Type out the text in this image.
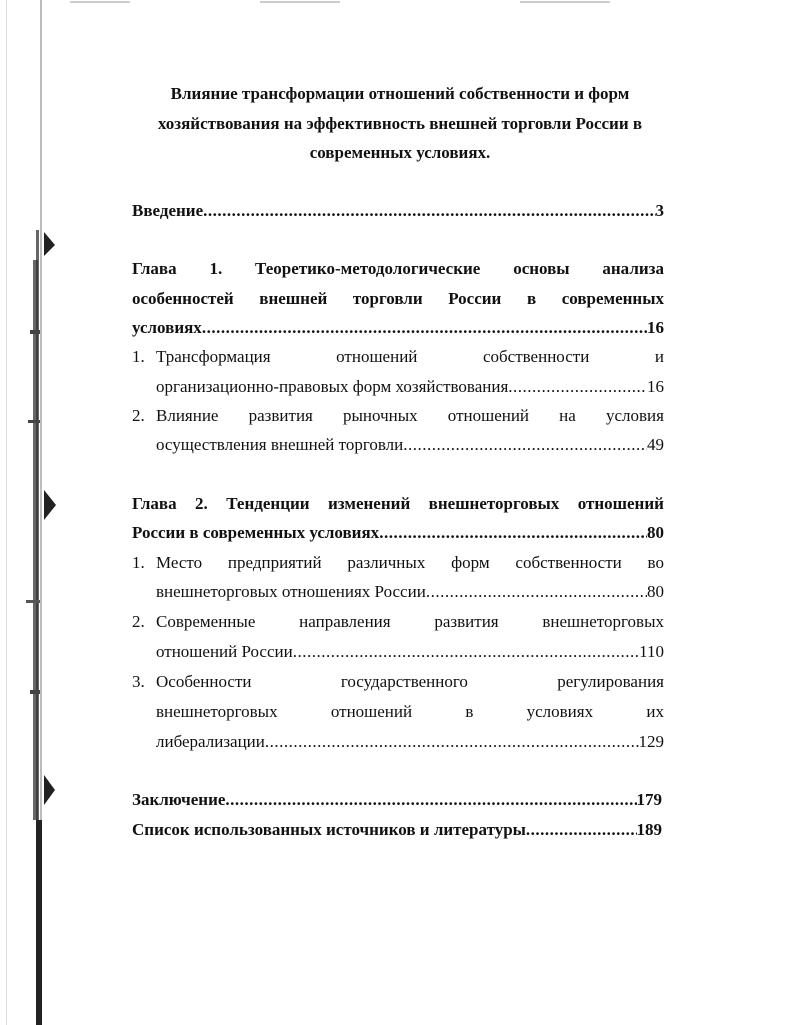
Влияние трансформации отношений собственности и форм
хозяйствования на эффективность внешней торговли России в
современных условиях.
Введение .....	3
Глава 1. Теоретико-методологические основы анализа
особенностей внешней торговли России в современных
условиях .....	16
1. Трансформация	отношений	собственности	и
организационно-правовых форм хозяйствования .....	16
2. Влияние развития рыночных отношений на условия
осуществления внешней торговли .....	49
Глава 2. Тенденции изменений внешнеторговых отношений
России в современных условиях .....	80
1. Место предприятий различных форм собственности во
внешнеторговых отношениях России .....	80
2. Современные	направления	развития	внешнеторговых
отношений России .....	110
3. Особенности	государственного	регулирования
внешнеторговых	отношений	в	условиях	их
либерализации .....	129
Заключение .....	179
Список использованных источников и литературы .....	189
